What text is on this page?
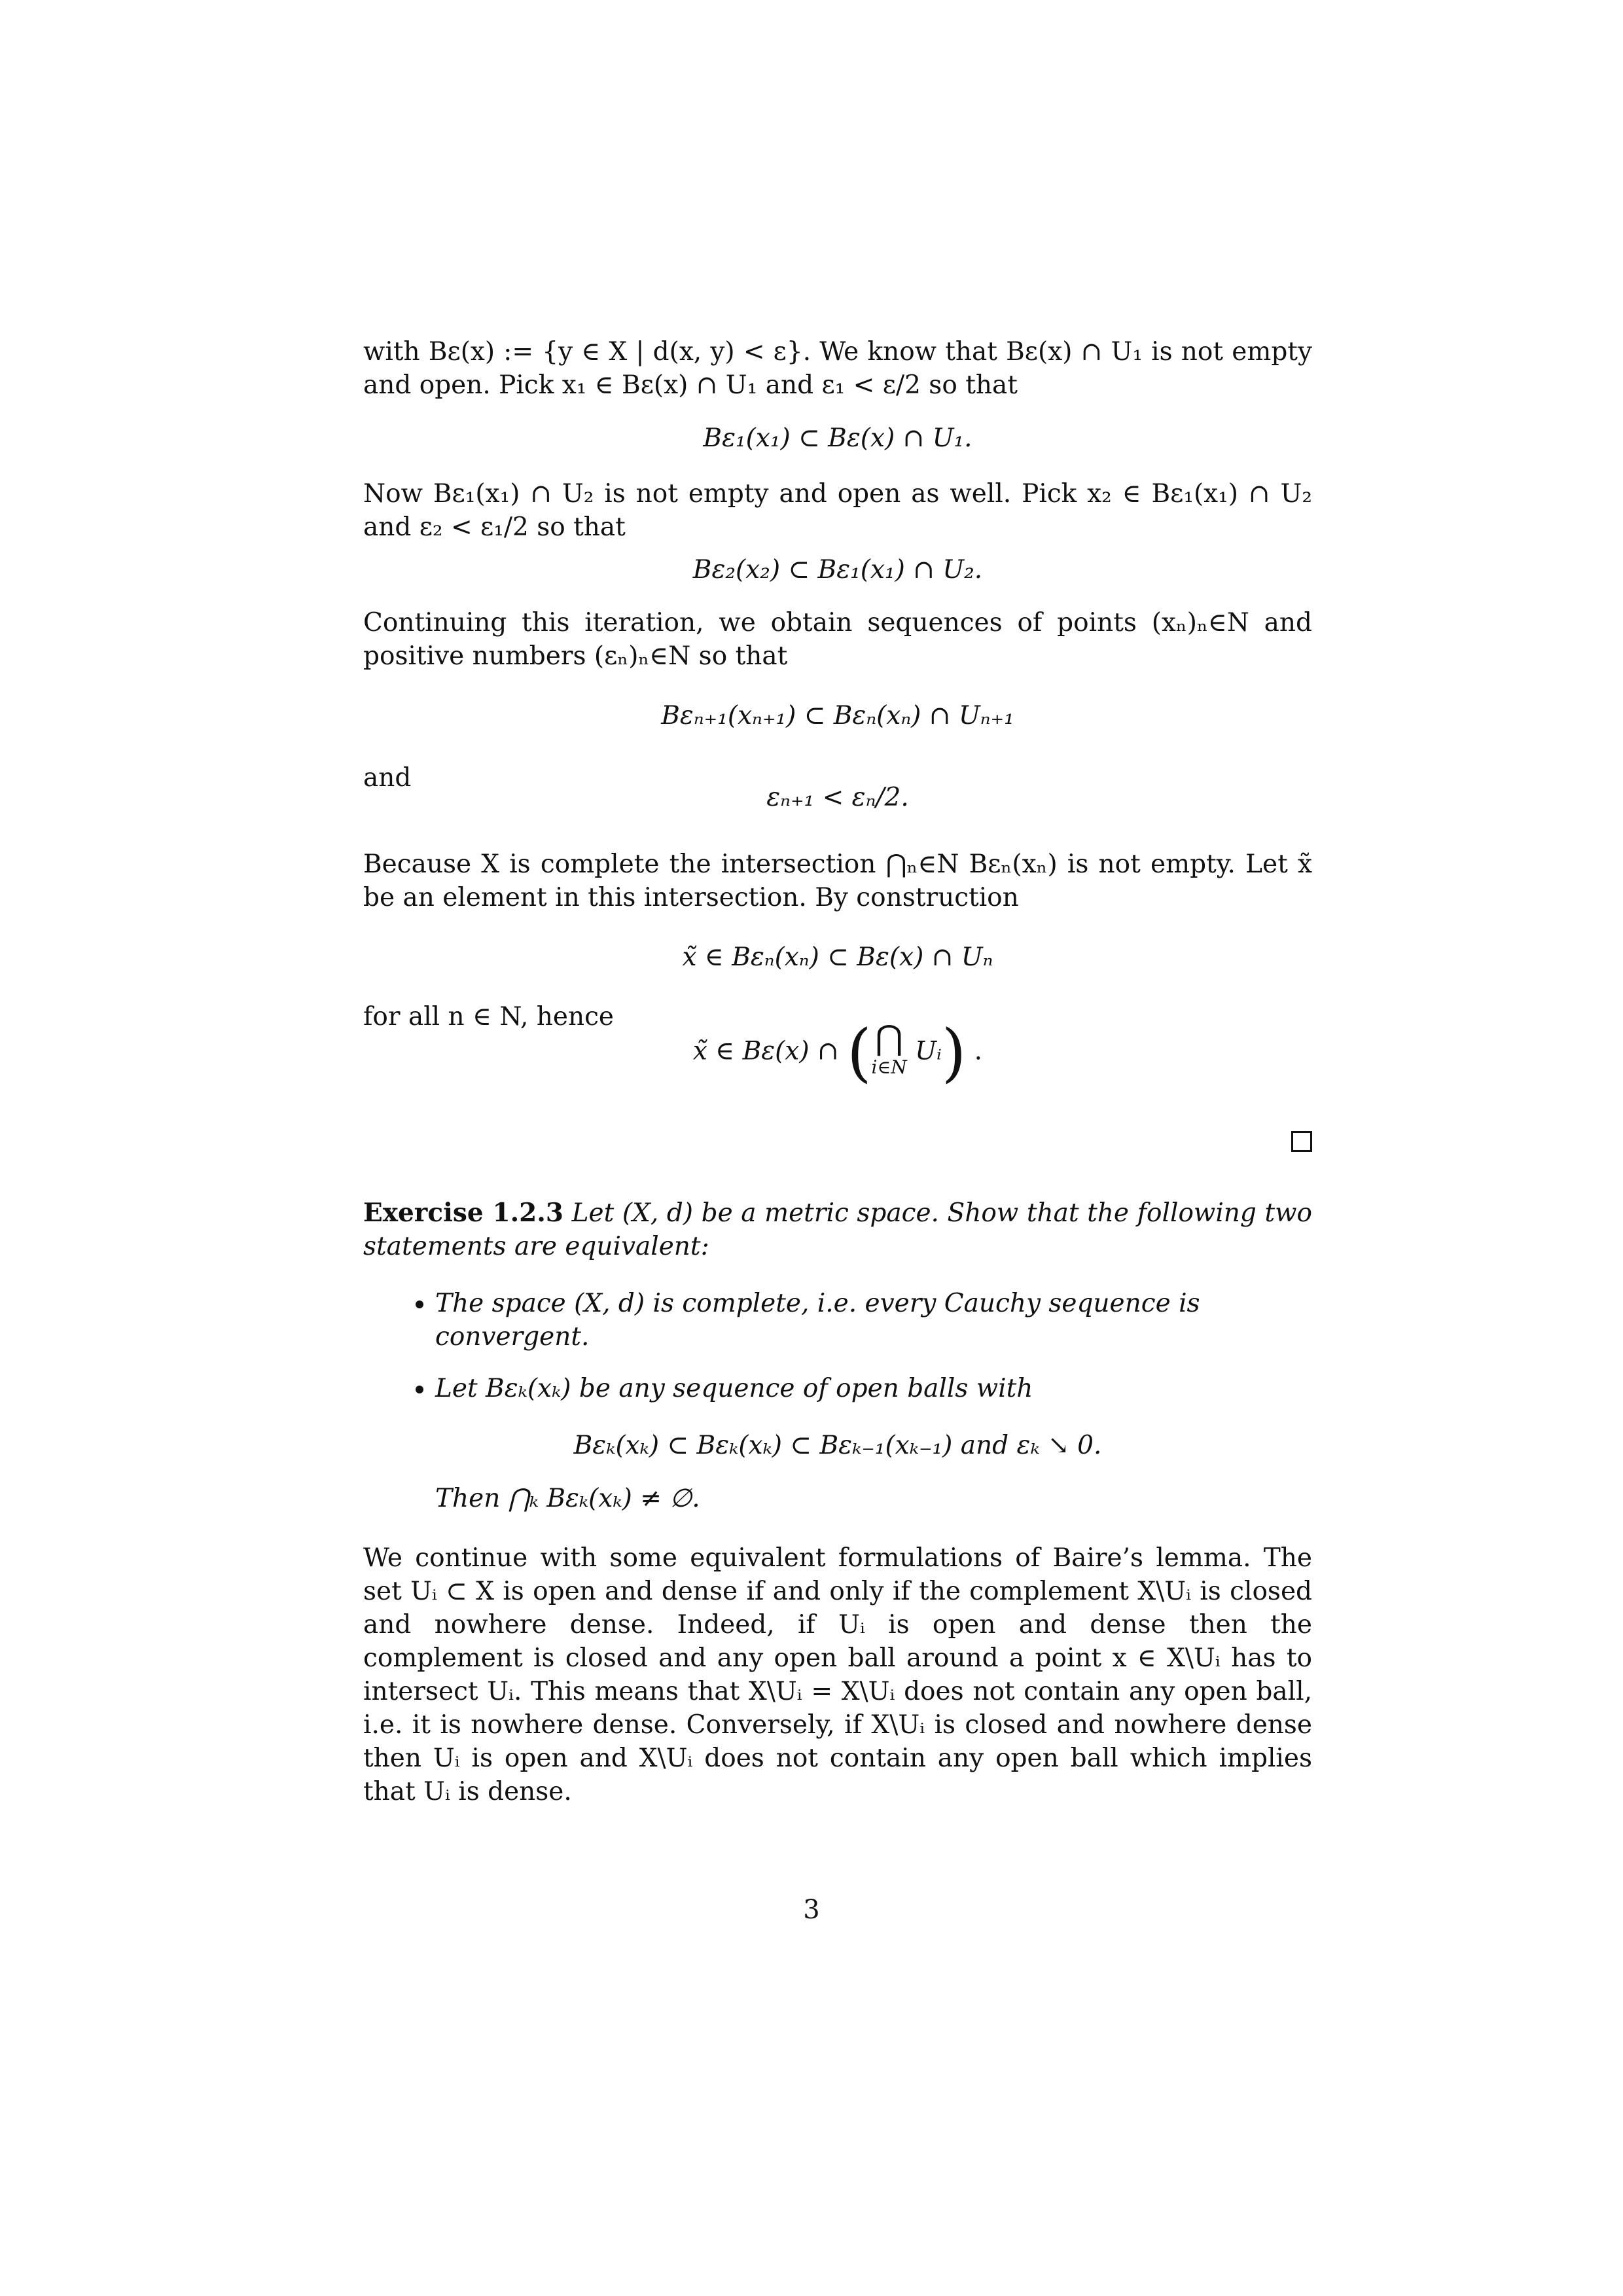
with Bε(x) := {y ∈ X | d(x, y) < ε}. We know that Bε(x) ∩ U₁ is not empty and open. Pick x₁ ∈ Bε(x) ∩ U₁ and ε₁ < ε/2 so that

Bε₁(x₁) ⊂ Bε(x) ∩ U₁.

Now Bε₁(x₁) ∩ U₂ is not empty and open as well. Pick x₂ ∈ Bε₁(x₁) ∩ U₂ and ε₂ < ε₁/2 so that

Bε₂(x₂) ⊂ Bε₁(x₁) ∩ U₂.

Continuing this iteration, we obtain sequences of points (xₙ)ₙ∈N and positive numbers (εₙ)ₙ∈N so that

Bεₙ₊₁(xₙ₊₁) ⊂ Bεₙ(xₙ) ∩ Uₙ₊₁
and
εₙ₊₁ < εₙ/2.

Because X is complete the intersection ⋂ₙ∈N Bεₙ(xₙ) is not empty. Let x̃ be an element in this intersection. By construction

x̃ ∈ Bεₙ(xₙ) ⊂ Bε(x) ∩ Uₙ
for all n ∈ N, hence
x̃ ∈ Bε(x) ∩ ( ⋂
i∈N
Uᵢ) .

Exercise 1.2.3 Let (X, d) be a metric space. Show that the following two statements are equivalent:

• The space (X, d) is complete, i.e. every Cauchy sequence is convergent.
• Let Bεₖ(xₖ) be any sequence of open balls with
Bεₖ(xₖ) ⊂ Bεₖ(xₖ) ⊂ Bεₖ₋₁(xₖ₋₁) and εₖ ↘ 0.
Then ⋂ₖ Bεₖ(xₖ) ≠ ∅.

We continue with some equivalent formulations of Baire’s lemma. The set Uᵢ ⊂ X is open and dense if and only if the complement X\Uᵢ is closed and nowhere dense. Indeed, if Uᵢ is open and dense then the complement is closed and any open ball around a point x ∈ X\Uᵢ has to intersect Uᵢ. This means that X\Uᵢ = X\Uᵢ does not contain any open ball, i.e. it is nowhere dense. Conversely, if X\Uᵢ is closed and nowhere dense then Uᵢ is open and X\Uᵢ does not contain any open ball which implies that Uᵢ is dense.

3
